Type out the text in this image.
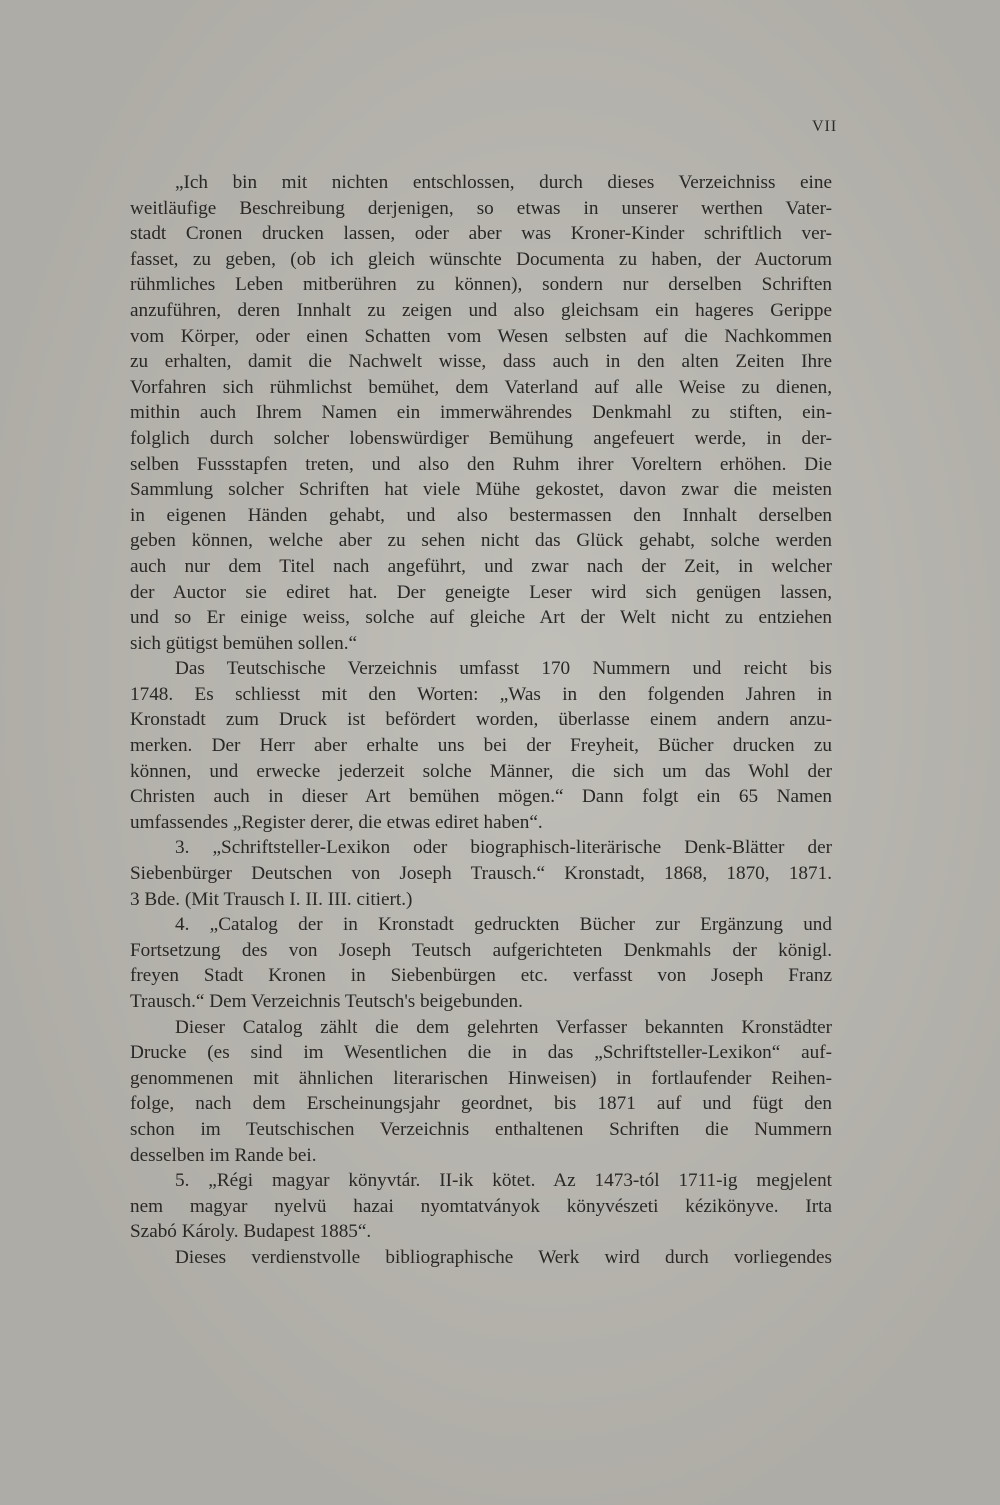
VII
„Ich bin mit nichten entschlossen, durch dieses Verzeichniss eine
weitläufige Beschreibung derjenigen, so etwas in unserer werthen Vater-
stadt Cronen drucken lassen, oder aber was Kroner-Kinder schriftlich ver-
fasset, zu geben, (ob ich gleich wünschte Documenta zu haben, der Auctorum
rühmliches Leben mitberühren zu können), sondern nur derselben Schriften
anzuführen, deren Innhalt zu zeigen und also gleichsam ein hageres Gerippe
vom Körper, oder einen Schatten vom Wesen selbsten auf die Nachkommen
zu erhalten, damit die Nachwelt wisse, dass auch in den alten Zeiten Ihre
Vorfahren sich rühmlichst bemühet, dem Vaterland auf alle Weise zu dienen,
mithin auch Ihrem Namen ein immerwährendes Denkmahl zu stiften, ein-
folglich durch solcher lobenswürdiger Bemühung angefeuert werde, in der-
selben Fussstapfen treten, und also den Ruhm ihrer Voreltern erhöhen. Die
Sammlung solcher Schriften hat viele Mühe gekostet, davon zwar die meisten
in eigenen Händen gehabt, und also bestermassen den Innhalt derselben
geben können, welche aber zu sehen nicht das Glück gehabt, solche werden
auch nur dem Titel nach angeführt, und zwar nach der Zeit, in welcher
der Auctor sie ediret hat. Der geneigte Leser wird sich genügen lassen,
und so Er einige weiss, solche auf gleiche Art der Welt nicht zu entziehen
sich gütigst bemühen sollen.“
Das Teutschische Verzeichnis umfasst 170 Nummern und reicht bis
1748. Es schliesst mit den Worten: „Was in den folgenden Jahren in
Kronstadt zum Druck ist befördert worden, überlasse einem andern anzu-
merken. Der Herr aber erhalte uns bei der Freyheit, Bücher drucken zu
können, und erwecke jederzeit solche Männer, die sich um das Wohl der
Christen auch in dieser Art bemühen mögen.“ Dann folgt ein 65 Namen
umfassendes „Register derer, die etwas ediret haben“.
3. „Schriftsteller-Lexikon oder biographisch-literärische Denk-Blätter der
Siebenbürger Deutschen von Joseph Trausch.“ Kronstadt, 1868, 1870, 1871.
3 Bde. (Mit Trausch I. II. III. citiert.)
4. „Catalog der in Kronstadt gedruckten Bücher zur Ergänzung und
Fortsetzung des von Joseph Teutsch aufgerichteten Denkmahls der königl.
freyen Stadt Kronen in Siebenbürgen etc. verfasst von Joseph Franz
Trausch.“ Dem Verzeichnis Teutsch's beigebunden.
Dieser Catalog zählt die dem gelehrten Verfasser bekannten Kronstädter
Drucke (es sind im Wesentlichen die in das „Schriftsteller-Lexikon“ auf-
genommenen mit ähnlichen literarischen Hinweisen) in fortlaufender Reihen-
folge, nach dem Erscheinungsjahr geordnet, bis 1871 auf und fügt den
schon im Teutschischen Verzeichnis enthaltenen Schriften die Nummern
desselben im Rande bei.
5. „Régi magyar könyvtár. II-ik kötet. Az 1473-tól 1711-ig megjelent
nem magyar nyelvü hazai nyomtatványok könyvészeti kézikönyve. Irta
Szabó Károly. Budapest 1885“.
Dieses verdienstvolle bibliographische Werk wird durch vorliegendes
